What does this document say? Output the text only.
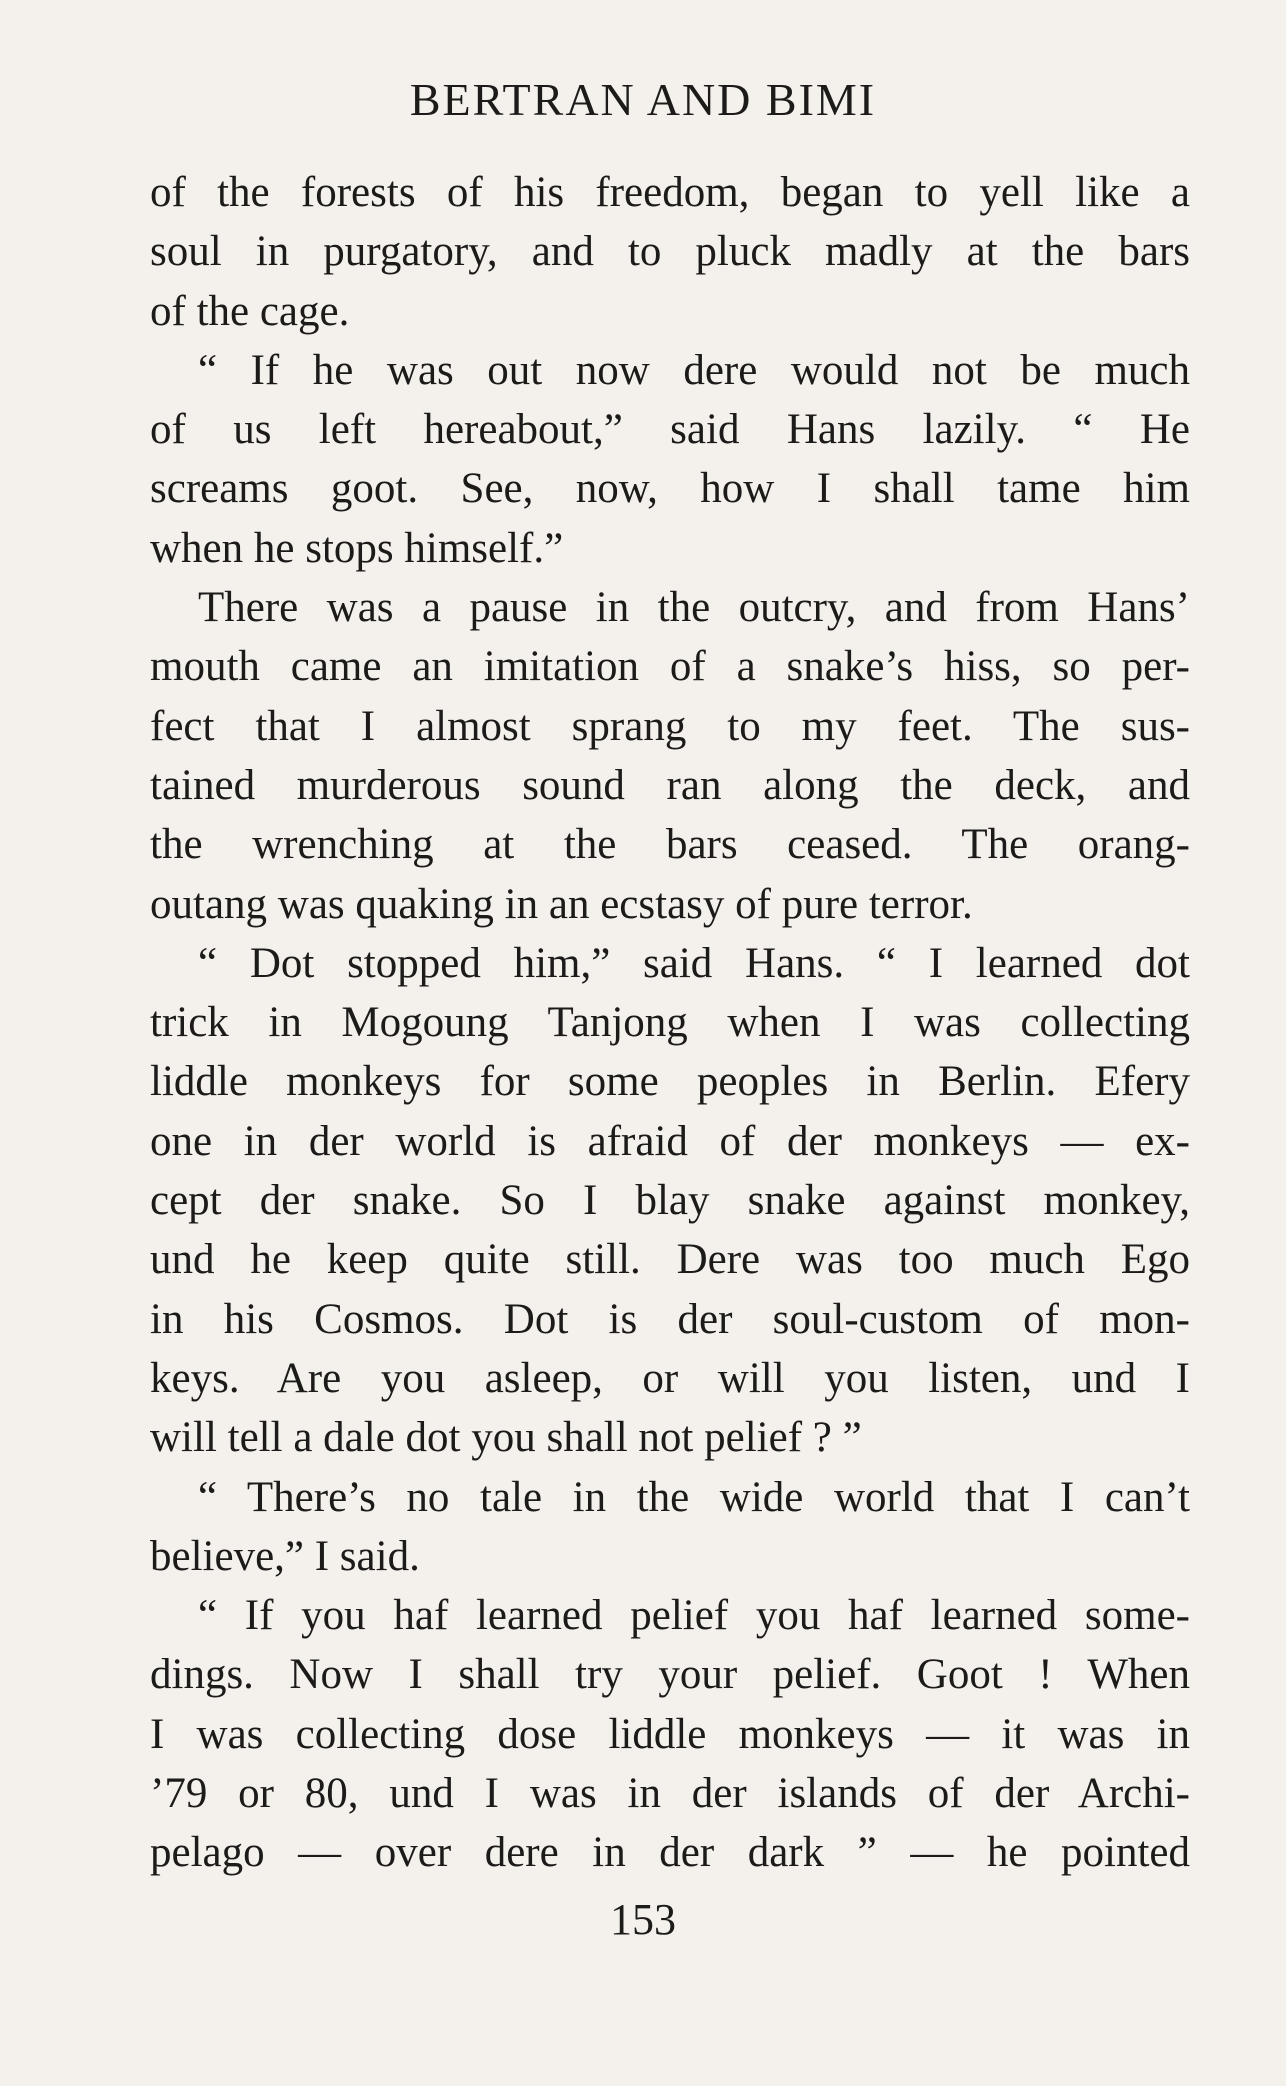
BERTRAN AND BIMI
of the forests of his freedom, began to yell like a
soul in purgatory, and to pluck madly at the bars
of the cage.
“ If he was out now dere would not be much
of us left hereabout,” said Hans lazily. “ He
screams goot. See, now, how I shall tame him
when he stops himself.”
There was a pause in the outcry, and from Hans’
mouth came an imitation of a snake’s hiss, so per-
fect that I almost sprang to my feet. The sus-
tained murderous sound ran along the deck, and
the wrenching at the bars ceased. The orang-
outang was quaking in an ecstasy of pure terror.
“ Dot stopped him,” said Hans. “ I learned dot
trick in Mogoung Tanjong when I was collecting
liddle monkeys for some peoples in Berlin. Efery
one in der world is afraid of der monkeys — ex-
cept der snake. So I blay snake against monkey,
und he keep quite still. Dere was too much Ego
in his Cosmos. Dot is der soul-custom of mon-
keys. Are you asleep, or will you listen, und I
will tell a dale dot you shall not pelief ? ”
“ There’s no tale in the wide world that I can’t
believe,” I said.
“ If you haf learned pelief you haf learned some-
dings. Now I shall try your pelief. Goot ! When
I was collecting dose liddle monkeys — it was in
’79 or 80, und I was in der islands of der Archi-
pelago — over dere in der dark ” — he pointed
153
